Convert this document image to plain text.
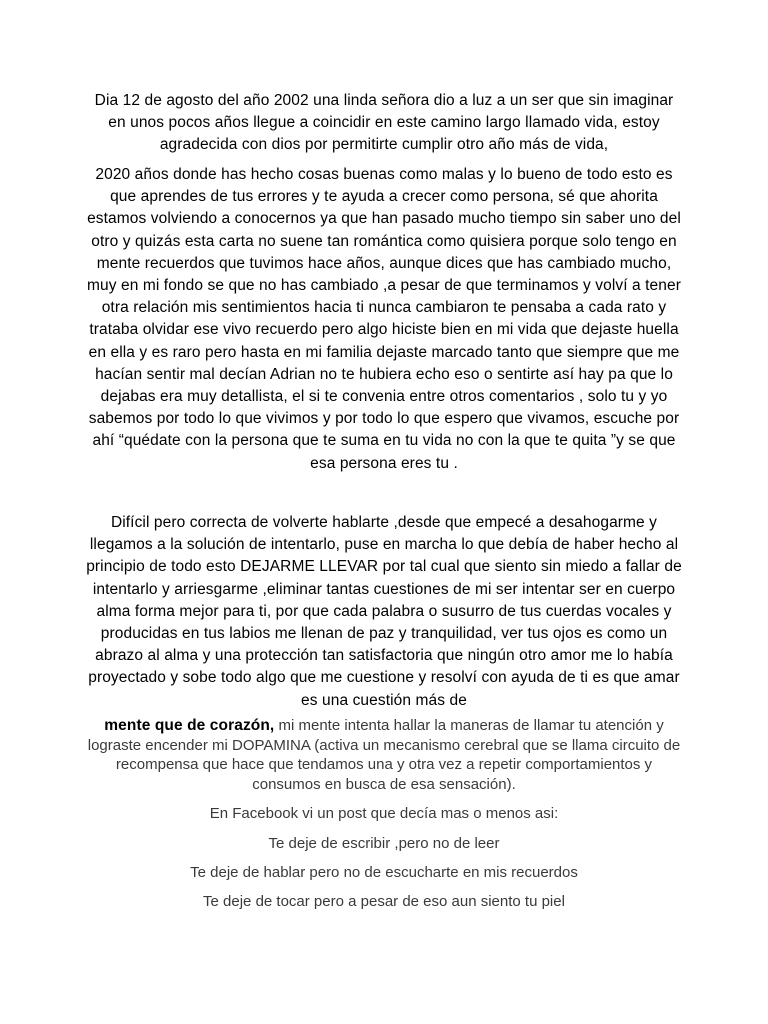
Dia 12 de agosto del año 2002 una linda señora dio a luz a un ser que sin imaginar en unos pocos años llegue a coincidir en este camino largo llamado vida, estoy agradecida con dios por permitirte cumplir otro año más de vida,

2020 años donde has hecho cosas buenas como malas y lo bueno de todo esto es que aprendes de tus errores y te ayuda a crecer como persona, sé que ahorita estamos volviendo a conocernos ya que han pasado mucho tiempo sin saber uno del otro y quizás esta carta no suene tan romántica como quisiera porque solo tengo en mente recuerdos que tuvimos hace años, aunque dices que has cambiado mucho, muy en mi fondo se que no has cambiado ,a pesar de que terminamos y volví a tener otra relación mis sentimientos hacia ti nunca cambiaron te pensaba a cada rato y trataba olvidar ese vivo recuerdo pero algo hiciste bien en mi vida que dejaste huella en ella y es raro pero hasta en mi familia dejaste marcado tanto que siempre que me hacían sentir mal decían Adrian no te hubiera echo eso o sentirte así hay pa que lo dejabas era muy detallista, el si te convenia entre otros comentarios , solo tu y yo sabemos por todo lo que vivimos y por todo lo que espero que vivamos, escuche por ahí “quédate con la persona que te suma en tu vida no con la que te quita ”y se que esa persona eres tu .

Difícil pero correcta de volverte hablarte ,desde que empecé a desahogarme y llegamos a la solución de intentarlo, puse en marcha lo que debía de haber hecho al principio de todo esto DEJARME LLEVAR por tal cual que siento sin miedo a fallar de intentarlo y arriesgarme ,eliminar tantas cuestiones de mi ser intentar ser en cuerpo alma forma mejor para ti, por que cada palabra o susurro de tus cuerdas vocales y producidas en tus labios me llenan de paz y tranquilidad, ver tus ojos es como un abrazo al alma y una protección tan satisfactoria que ningún otro amor me lo había proyectado y sobe todo algo que me cuestione y resolví con ayuda de ti es que amar es una cuestión más de

mente que de corazón, mi mente intenta hallar la maneras de llamar tu atención y lograste encender mi DOPAMINA (activa un mecanismo cerebral que se llama circuito de recompensa que hace que tendamos una y otra vez a repetir comportamientos y consumos en busca de esa sensación).

En Facebook vi un post que decía mas o menos asi:

Te deje de escribir ,pero no de leer

Te deje de hablar pero no de escucharte en mis recuerdos

Te deje de tocar pero a pesar de eso aun siento tu piel
